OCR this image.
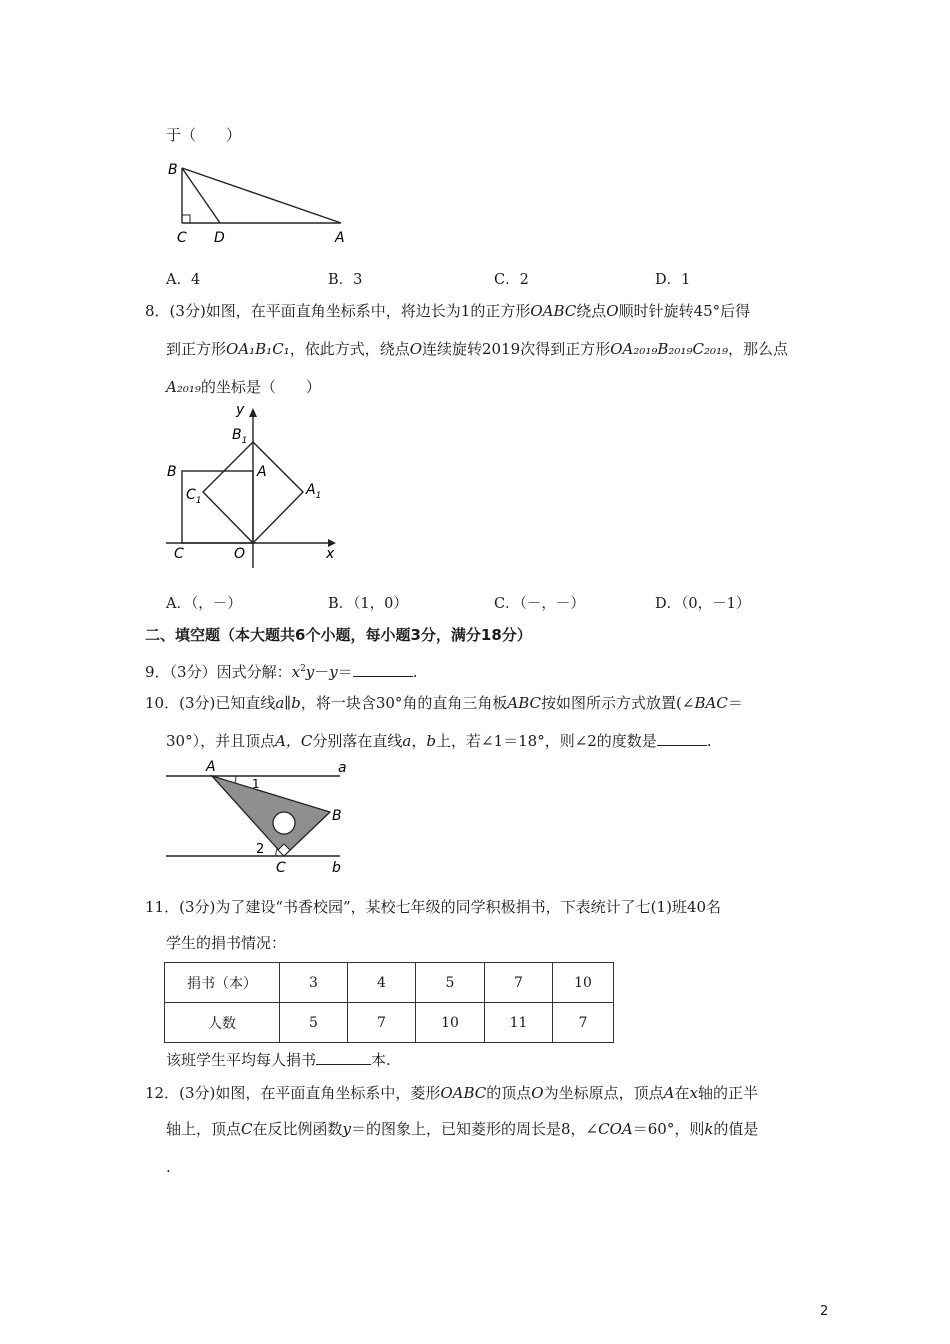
于（　　）
B
C D	A
A．4	B．3	C．2	D．1
8．(3分)如图，在平面直角坐标系中，将边长为1的正方形OABC绕点O顺时针旋转45°后得
到正方形OA₁B₁C₁，依此方式，绕点O连续旋转2019次得到正方形OA₂₀₁₉B₂₀₁₉C₂₀₁₉，那么点
A₂₀₁₉的坐标是（　　）
y
$B_1$
B	A
$C_1$
$A_1$
C	O	x
A．（，－）	B．（1，0）	C．（－，－）	D．（0，－1）
二、填空题（本大题共6个小题，每小题3分，满分18分）
9．（3分）因式分解：$x^2y-y=$	.
10．(3分)已知直线a∥b，将一块含30°角的直角三角板ABC按如图所示方式放置(∠BAC＝
30°），并且顶点A，C分别落在直线a，b上，若∠1＝18°，则∠2的度数是	.
A	a
1
B
2
C	b
11．(3分)为了建设“书香校园”，某校七年级的同学积极捐书，下表统计了七(1)班40名
学生的捐书情况：
捐书（本）	3	4	5	7	10
人数	5	7	10	11	7
该班学生平均每人捐书	本.
12．(3分)如图，在平面直角坐标系中，菱形OABC的顶点O为坐标原点，顶点A在x轴的正半
轴上，顶点C在反比例函数y＝的图象上，已知菱形的周长是8，∠COA＝60°，则k的值是
.
2
